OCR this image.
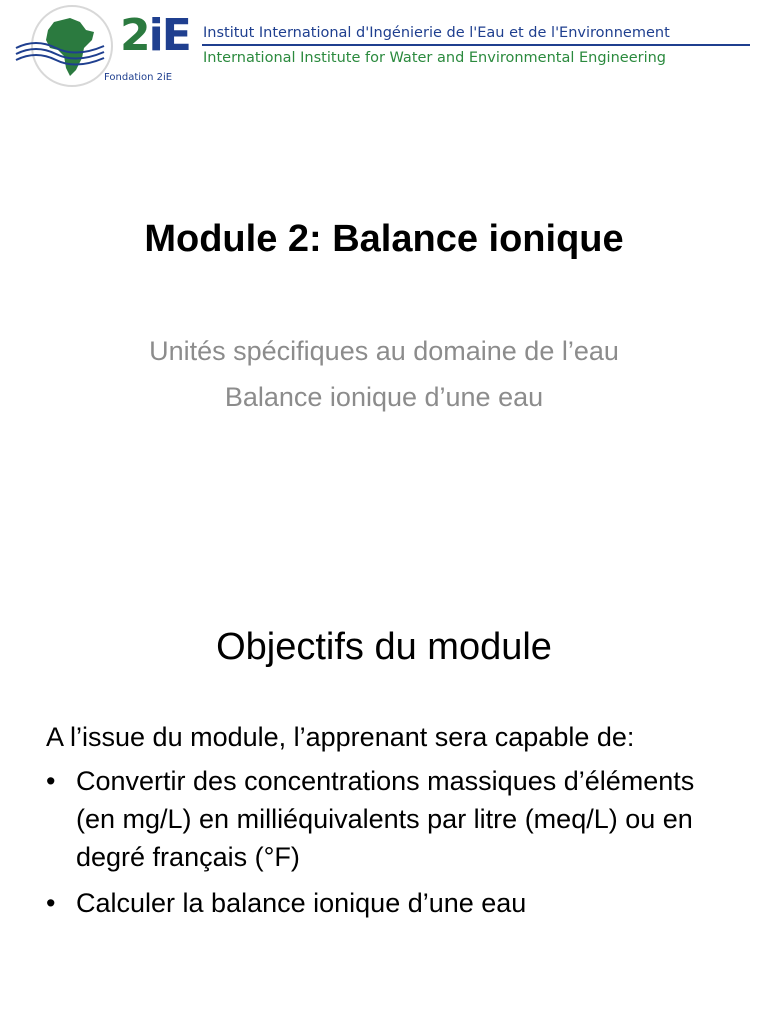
2iE
Fondation 2iE
Institut International d'Ingénierie de l'Eau et de l'Environnement
International Institute for Water and Environmental Engineering
Module 2: Balance ionique
Unités spécifiques au domaine de l’eau
Balance ionique d’une eau
Objectifs du module

A l’issue du module, l’apprenant sera capable de:

• Convertir des concentrations massiques d’éléments (en mg/L) en milliéquivalents par litre (meq/L) ou en degré français (°F)
• Calculer la balance ionique d’une eau
